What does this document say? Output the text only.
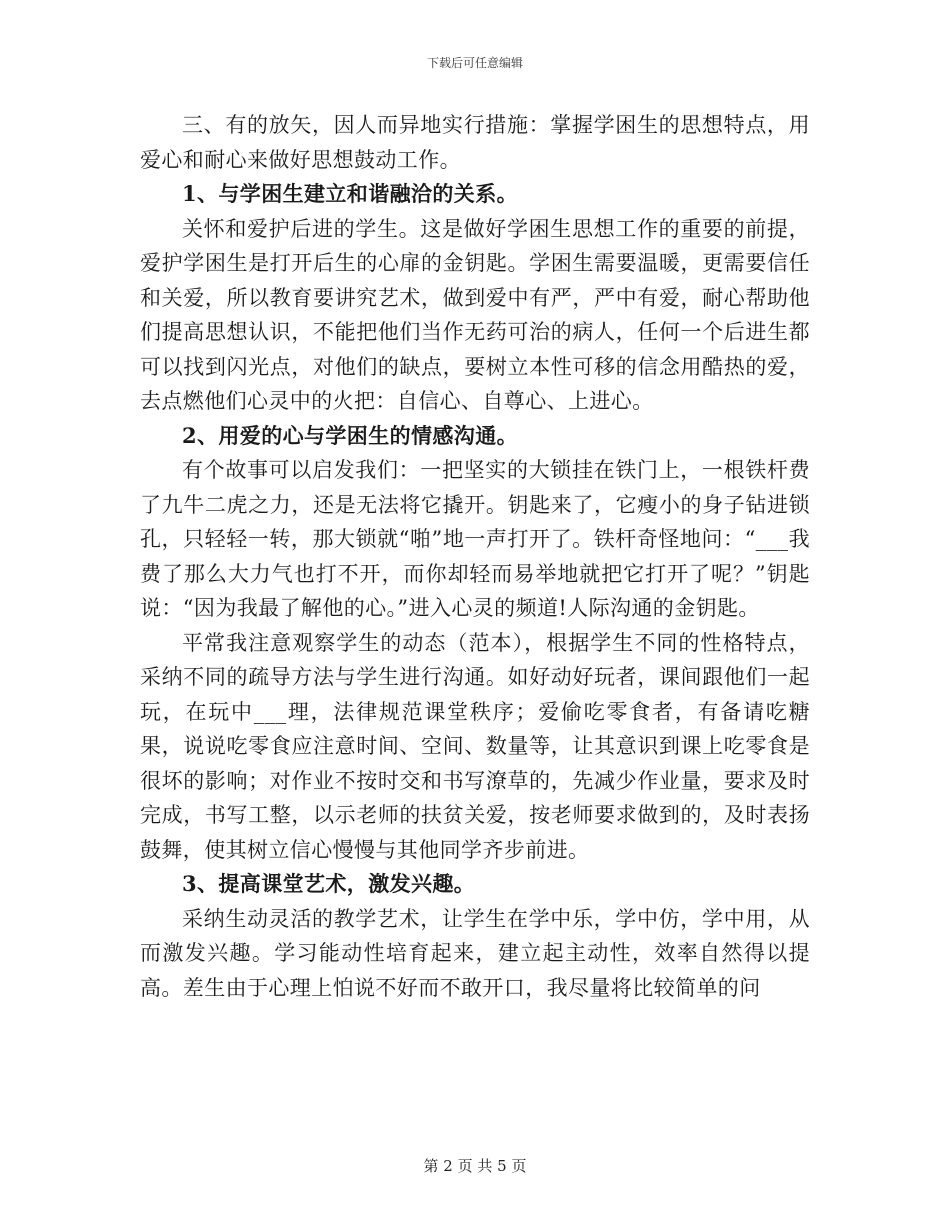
下载后可任意编辑

三、有的放矢，因人而异地实行措施：掌握学困生的思想特点，用爱心和耐心来做好思想鼓动工作。

1、与学困生建立和谐融洽的关系。

关怀和爱护后进的学生。这是做好学困生思想工作的重要的前提，爱护学困生是打开后生的心扉的金钥匙。学困生需要温暖，更需要信任和关爱，所以教育要讲究艺术，做到爱中有严，严中有爱，耐心帮助他们提高思想认识，不能把他们当作无药可治的病人，任何一个后进生都可以找到闪光点，对他们的缺点，要树立本性可移的信念用酷热的爱，去点燃他们心灵中的火把：自信心、自尊心、上进心。

2、用爱的心与学困生的情感沟通。

有个故事可以启发我们：一把坚实的大锁挂在铁门上，一根铁杆费了九牛二虎之力，还是无法将它撬开。钥匙来了，它瘦小的身子钻进锁孔，只轻轻一转，那大锁就“啪”地一声打开了。铁杆奇怪地问：“___我费了那么大力气也打不开，而你却轻而易举地就把它打开了呢？”钥匙说：“因为我最了解他的心。”进入心灵的频道!人际沟通的金钥匙。

平常我注意观察学生的动态（范本），根据学生不同的性格特点，采纳不同的疏导方法与学生进行沟通。如好动好玩者，课间跟他们一起玩，在玩中___理，法律规范课堂秩序；爱偷吃零食者，有备请吃糖果，说说吃零食应注意时间、空间、数量等，让其意识到课上吃零食是很坏的影响；对作业不按时交和书写潦草的，先减少作业量，要求及时完成，书写工整，以示老师的扶贫关爱，按老师要求做到的，及时表扬鼓舞，使其树立信心慢慢与其他同学齐步前进。

3、提高课堂艺术，激发兴趣。

采纳生动灵活的教学艺术，让学生在学中乐，学中仿，学中用，从而激发兴趣。学习能动性培育起来，建立起主动性，效率自然得以提高。差生由于心理上怕说不好而不敢开口，我尽量将比较简单的问

第 2 页 共 5 页
